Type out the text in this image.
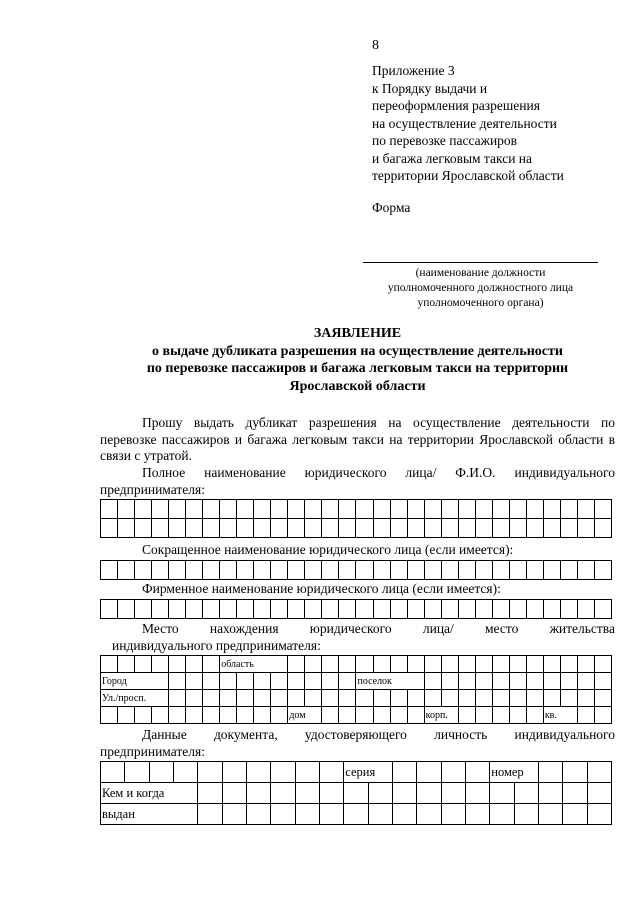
8
Приложение 3
к Порядку выдачи и
переоформления разрешения
на осуществление деятельности
по перевозке пассажиров
и багажа легковым такси на
территории Ярославской области
Форма
(наименование должности
уполномоченного должностного лица
уполномоченного органа)
ЗАЯВЛЕНИЕ
о выдаче дубликата разрешения на осуществление деятельности
по перевозке пассажиров и багажа легковым такси на территории
Ярославской области
Прошу выдать дубликат разрешения на осуществление деятельности по перевозке пассажиров и багажа легковым такси на территории Ярославской области в связи с утратой.
Полное наименование юридического лица/ Ф.И.О. индивидуального
предпринимателя:

Сокращенное наименование юридического лица (если имеется):

Фирменное наименование юридического лица (если имеется):

Место нахождения юридического лица/ место жительства
индивидуального предпринимателя:
							область																						
Город															поселок														
Ул./просп.																													
											дом								корп.							кв.			
Данные документа, удостоверяющего личность индивидуального
предпринимателя:
										серия						номер				
Кем и когда																				
выдан																				
